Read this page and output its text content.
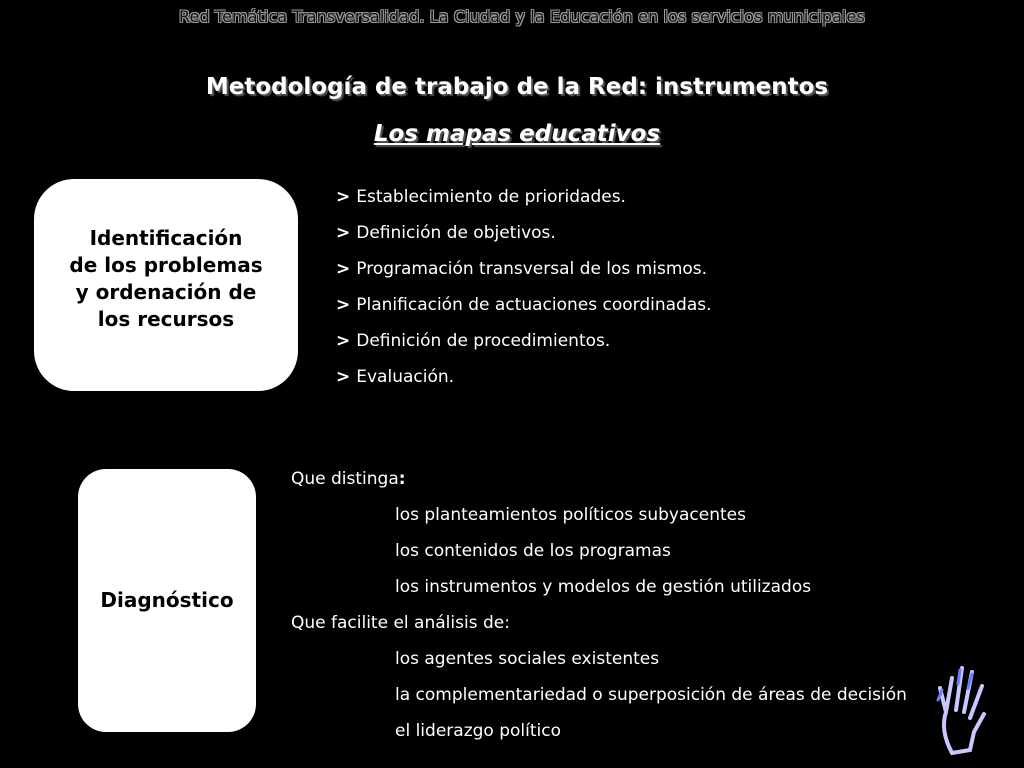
Red Temática Transversalidad. La Ciudad y la Educación en los servicios municipales
Metodología de trabajo de la Red: instrumentos
Los mapas educativos
Identificación
de los problemas
y ordenación de
los recursos
> Establecimiento de prioridades.
> Definición de objetivos.
> Programación transversal de los mismos.
> Planificación de actuaciones coordinadas.
> Definición de procedimientos.
> Evaluación.
Diagnóstico
Que distinga:
los planteamientos políticos subyacentes
los contenidos de los programas
los instrumentos y modelos de gestión utilizados
Que facilite el análisis de:
los agentes sociales existentes
la complementariedad o superposición de áreas de decisión
el liderazgo político
